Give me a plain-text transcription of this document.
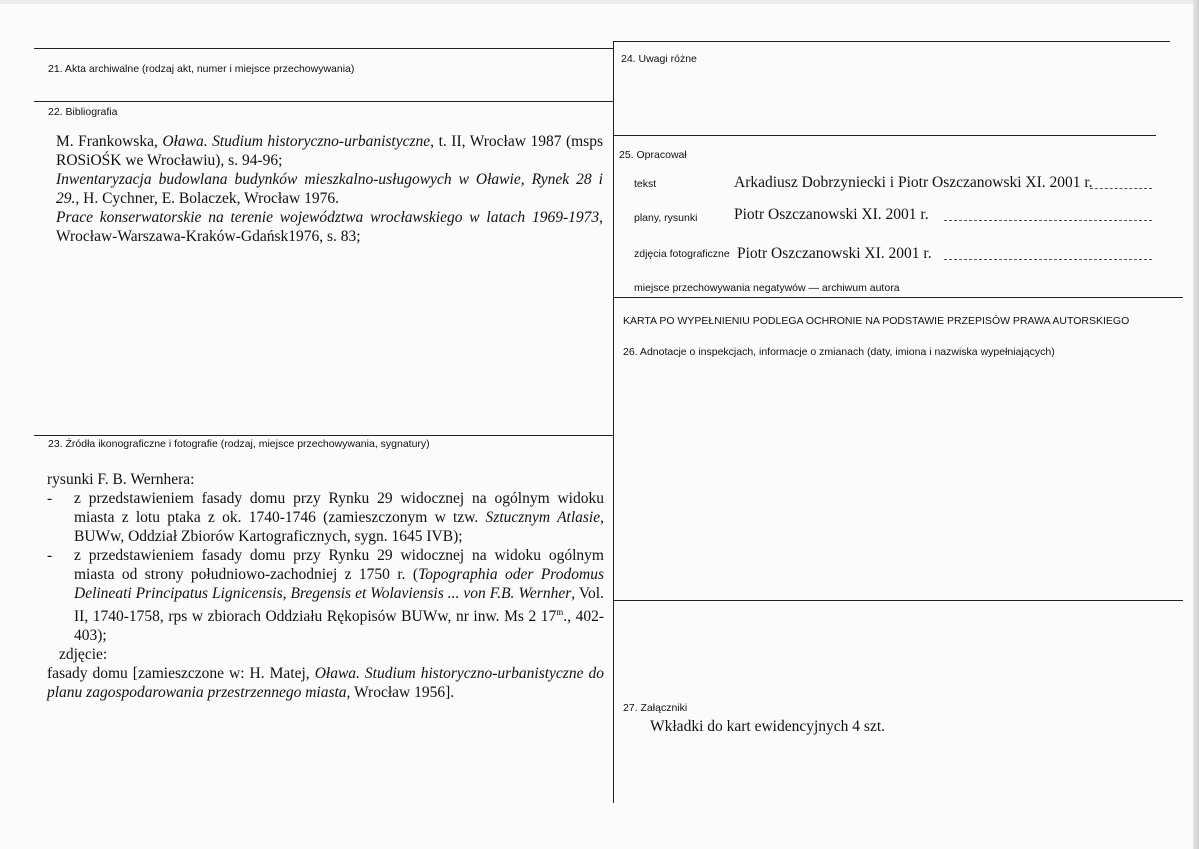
21. Akta archiwalne (rodzaj akt, numer i miejsce przechowywania)
22. Bibliografia
M. Frankowska, Oława. Studium historyczno-urbanistyczne, t. II, Wrocław 1987 (msps ROSiOŚK we Wrocławiu), s. 94-96;
Inwentaryzacja budowlana budynków mieszkalno-usługowych w Oławie, Rynek 28 i 29., H. Cychner, E. Bolaczek, Wrocław 1976.
Prace konserwatorskie na terenie województwa wrocławskiego w latach 1969-1973, Wrocław-Warszawa-Kraków-Gdańsk1976, s. 83;
23. Źródła ikonograficzne i fotografie (rodzaj, miejsce przechowywania, sygnatury)
rysunki F. B. Wernhera:
- z przedstawieniem fasady domu przy Rynku 29 widocznej na ogólnym widoku miasta z lotu ptaka z ok. 1740-1746 (zamieszczonym w tzw. Sztucznym Atlasie, BUWw, Oddział Zbiorów Kartograficznych, sygn. 1645 IVB);
- z przedstawieniem fasady domu przy Rynku 29 widocznej na widoku ogólnym miasta od strony południowo-zachodniej z 1750 r. (Topographia oder Prodomus Delineati Principatus Lignicensis, Bregensis et Wolaviensis ... von F.B. Wernher, Vol. II, 1740-1758, rps w zbiorach Oddziału Rękopisów BUWw, nr inw. Ms 2 17$^m$., 402-403);
zdjęcie:
fasady domu [zamieszczone w: H. Matej, Oława. Studium historyczno-urbanistyczne do planu zagospodarowania przestrzennego miasta, Wrocław 1956].
24. Uwagi różne
25. Opracował
tekst	Arkadiusz Dobrzyniecki i Piotr Oszczanowski XI. 2001 r.
plany, rysunki Piotr Oszczanowski XI. 2001 r.
zdjęcia fotograficzne Piotr Oszczanowski XI. 2001 r.
miejsce przechowywania negatywów — archiwum autora
KARTA PO WYPEŁNIENIU PODLEGA OCHRONIE NA PODSTAWIE PRZEPISÓW PRAWA AUTORSKIEGO
26. Adnotacje o inspekcjach, informacje o zmianach (daty, imiona i nazwiska wypełniających)
27. Załączniki
Wkładki do kart ewidencyjnych 4 szt.
